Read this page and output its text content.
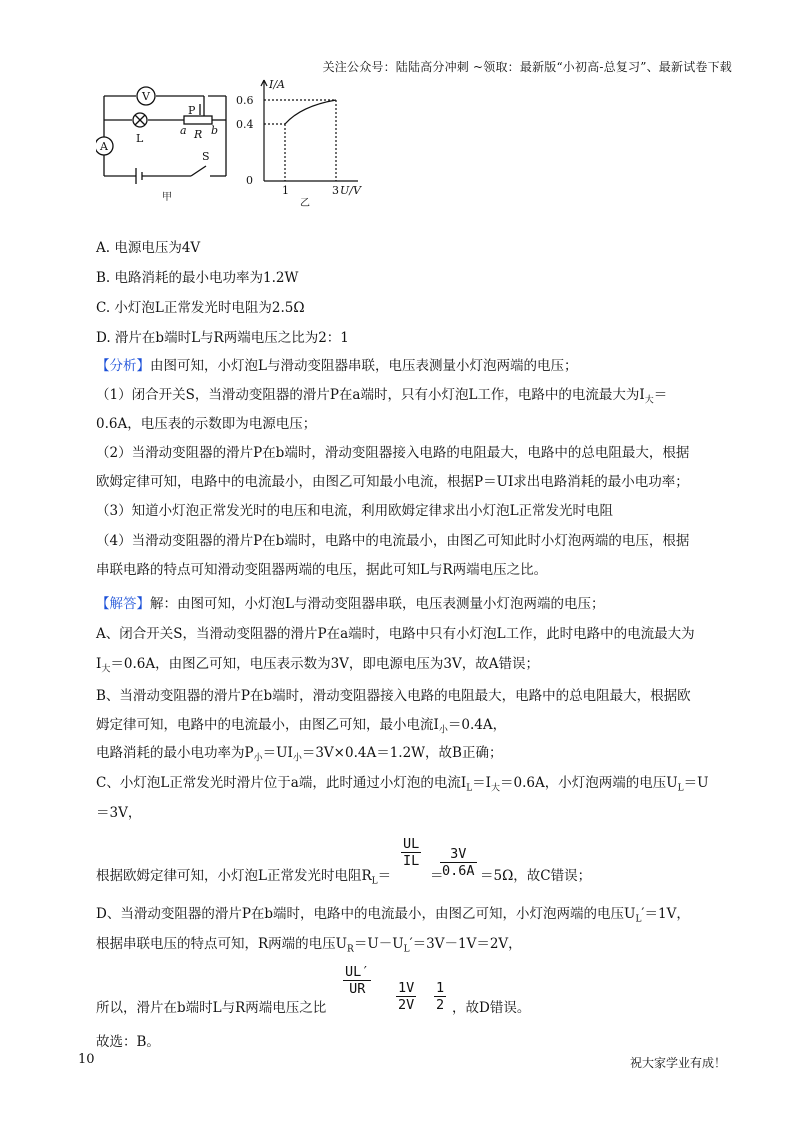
关注公众号：陆陆高分冲刺 ~领取：最新版“小初高-总复习”、最新试卷下载
V
A
L
P
a R b
S
甲
I/A
0.6
0.4
0
1	3 U/V
乙
A. 电源电压为4V
B. 电路消耗的最小电功率为1.2W
C. 小灯泡L正常发光时电阻为2.5Ω
D. 滑片在b端时L与R两端电压之比为2：1
【分析】由图可知，小灯泡L与滑动变阻器串联，电压表测量小灯泡两端的电压；
（1）闭合开关S，当滑动变阻器的滑片P在a端时，只有小灯泡L工作，电路中的电流最大为$I_大=$
0.6A，电压表的示数即为电源电压；
（2）当滑动变阻器的滑片P在b端时，滑动变阻器接入电路的电阻最大，电路中的总电阻最大，根据
欧姆定律可知，电路中的电流最小，由图乙可知最小电流，根据P＝UI求出电路消耗的最小电功率；
（3）知道小灯泡正常发光时的电压和电流，利用欧姆定律求出小灯泡L正常发光时电阻
（4）当滑动变阻器的滑片P在b端时，电路中的电流最小，由图乙可知此时小灯泡两端的电压，根据
串联电路的特点可知滑动变阻器两端的电压，据此可知L与R两端电压之比。
【解答】解：由图可知，小灯泡L与滑动变阻器串联，电压表测量小灯泡两端的电压；
A、闭合开关S，当滑动变阻器的滑片P在a端时，电路中只有小灯泡L工作，此时电路中的电流最大为
$I_大=0.6A$，由图乙可知，电压表示数为3V，即电源电压为3V，故A错误；
B、当滑动变阻器的滑片P在b端时，滑动变阻器接入电路的电阻最大，电路中的总电阻最大，根据欧
姆定律可知，电路中的电流最小，由图乙可知，最小电流$I_小=0.4A$，
电路消耗的最小电功率为$P_小=UI_小=3V\times 0.4A=1.2W$，故B正确；
C、小灯泡L正常发光时滑片位于a端，此时通过小灯泡的电流$I_L=I_大=0.6A$，小灯泡两端的电压$U_L=U$
＝3V，
根据欧姆定律可知，小灯泡L正常发光时电阻$R_L=$
$\frac{UL}{IL}$
＝
$\frac{3V}{0.6A} =5\Omega$，故C错误；
D、当滑动变阻器的滑片P在b端时，电路中的电流最小，由图乙可知，小灯泡两端的电压$U_L'=1V$，
根据串联电压的特点可知，R两端的电压$U_R=U-U_L'=3V-1V=2V$，
所以，滑片在b端时L与R两端电压之比
$\frac{UL'}{UR} \frac{1V}{2V} \frac{1}{2}$ ，故D错误。
故选：B。
10	祝大家学业有成！
